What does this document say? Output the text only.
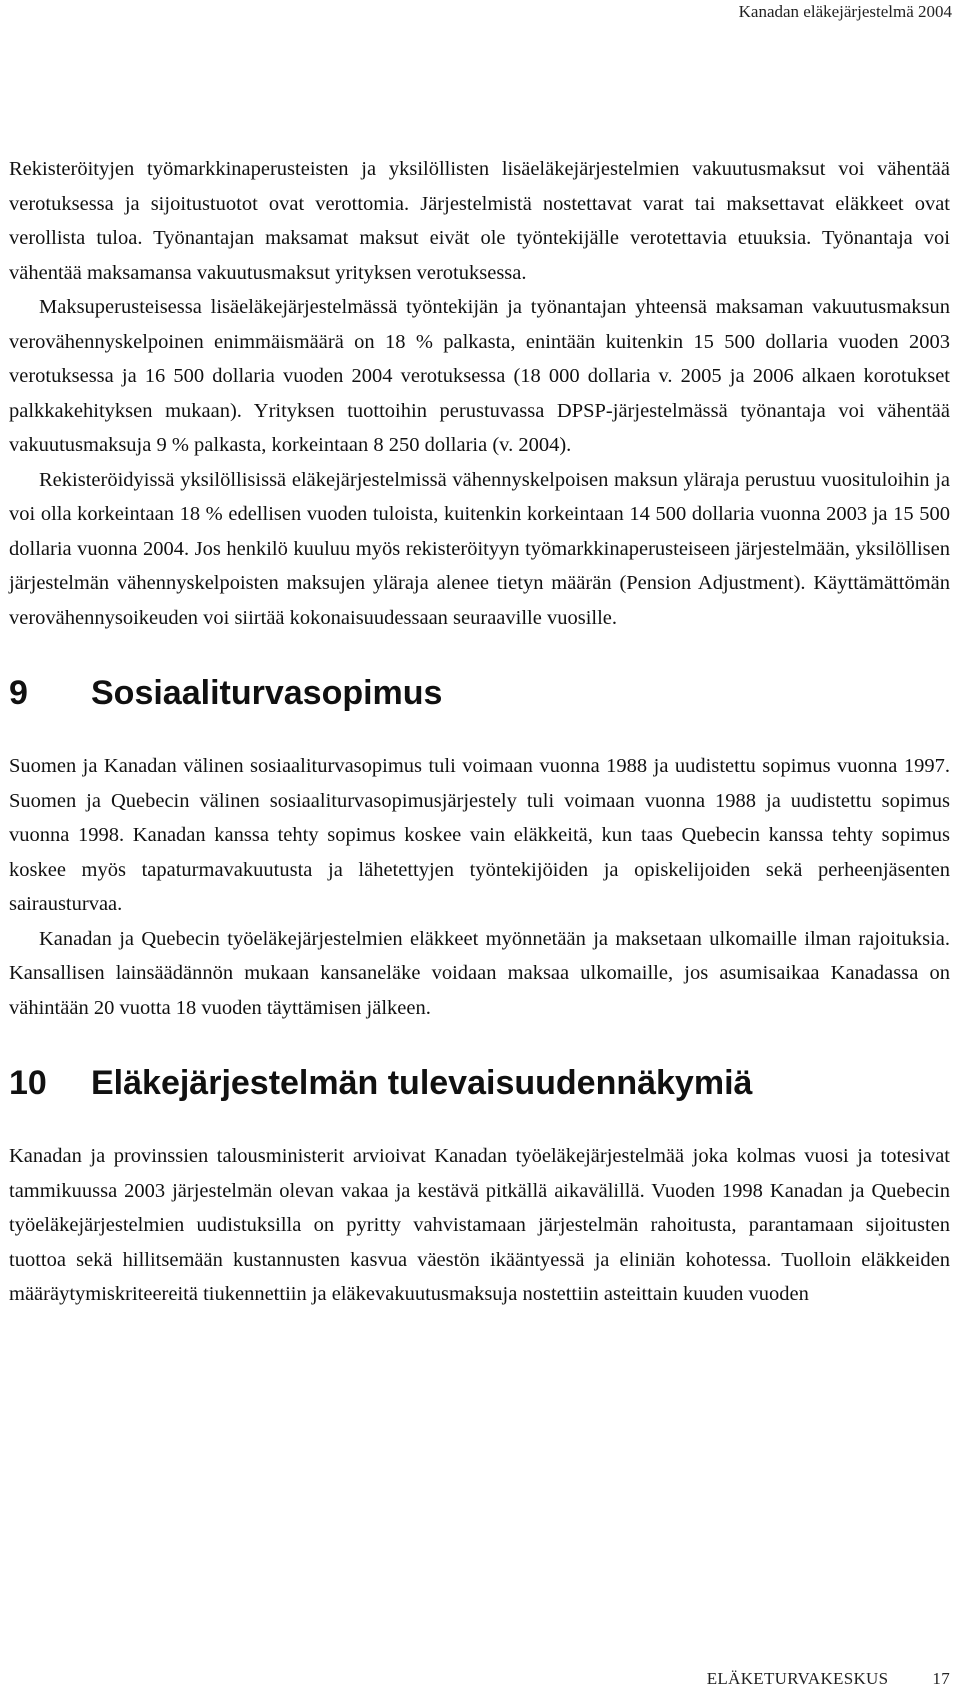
Kanadan eläkejärjestelmä 2004

Rekisteröityjen työmarkkinaperusteisten ja yksilöllisten lisäeläkejärjestelmien vakuutusmaksut voi vähentää verotuksessa ja sijoitustuotot ovat verottomia. Järjestelmistä nostettavat varat tai maksettavat eläkkeet ovat verollista tuloa. Työnantajan maksamat maksut eivät ole työntekijälle verotettavia etuuksia. Työnantaja voi vähentää maksamansa vakuutusmaksut yrityksen verotuksessa.

Maksuperusteisessa lisäeläkejärjestelmässä työntekijän ja työnantajan yhteensä maksaman vakuutusmaksun verovähennyskelpoinen enimmäismäärä on 18 % palkasta, enintään kuitenkin 15 500 dollaria vuoden 2003 verotuksessa ja 16 500 dollaria vuoden 2004 verotuksessa (18 000 dollaria v. 2005 ja 2006 alkaen korotukset palkkakehityksen mukaan). Yrityksen tuottoihin perustuvassa DPSP-järjestelmässä työnantaja voi vähentää vakuutusmaksuja 9 % palkasta, korkeintaan 8 250 dollaria (v. 2004).

Rekisteröidyissä yksilöllisissä eläkejärjestelmissä vähennyskelpoisen maksun yläraja perustuu vuosituloihin ja voi olla korkeintaan 18 % edellisen vuoden tuloista, kuitenkin korkeintaan 14 500 dollaria vuonna 2003 ja 15 500 dollaria vuonna 2004. Jos henkilö kuuluu myös rekisteröityyn työmarkkinaperusteiseen järjestelmään, yksilöllisen järjestelmän vähennyskelpoisten maksujen yläraja alenee tietyn määrän (Pension Adjustment). Käyttämättömän verovähennysoikeuden voi siirtää kokonaisuudessaan seuraaville vuosille.

9	Sosiaaliturvasopimus

Suomen ja Kanadan välinen sosiaaliturvasopimus tuli voimaan vuonna 1988 ja uudistettu sopimus vuonna 1997. Suomen ja Quebecin välinen sosiaaliturvasopimusjärjestely tuli voimaan vuonna 1988 ja uudistettu sopimus vuonna 1998. Kanadan kanssa tehty sopimus koskee vain eläkkeitä, kun taas Quebecin kanssa tehty sopimus koskee myös tapaturmavakuutusta ja lähetettyjen työntekijöiden ja opiskelijoiden sekä perheenjäsenten sairausturvaa.

Kanadan ja Quebecin työeläkejärjestelmien eläkkeet myönnetään ja maksetaan ulkomaille ilman rajoituksia. Kansallisen lainsäädännön mukaan kansaneläke voidaan maksaa ulkomaille, jos asumisaikaa Kanadassa on vähintään 20 vuotta 18 vuoden täyttämisen jälkeen.

10	Eläkejärjestelmän tulevaisuudennäkymiä

Kanadan ja provinssien talousministerit arvioivat Kanadan työeläkejärjestelmää joka kolmas vuosi ja totesivat tammikuussa 2003 järjestelmän olevan vakaa ja kestävä pitkällä aikavälillä. Vuoden 1998 Kanadan ja Quebecin työeläkejärjestelmien uudistuksilla on pyritty vahvistamaan järjestelmän rahoitusta, parantamaan sijoitusten tuottoa sekä hillitsemään kustannusten kasvua väestön ikääntyessä ja eliniän kohotessa. Tuolloin eläkkeiden määräytymiskriteereitä tiukennettiin ja eläkevakuutusmaksuja nostettiin asteittain kuuden vuoden

ELÄKETURVAKESKUS	17
